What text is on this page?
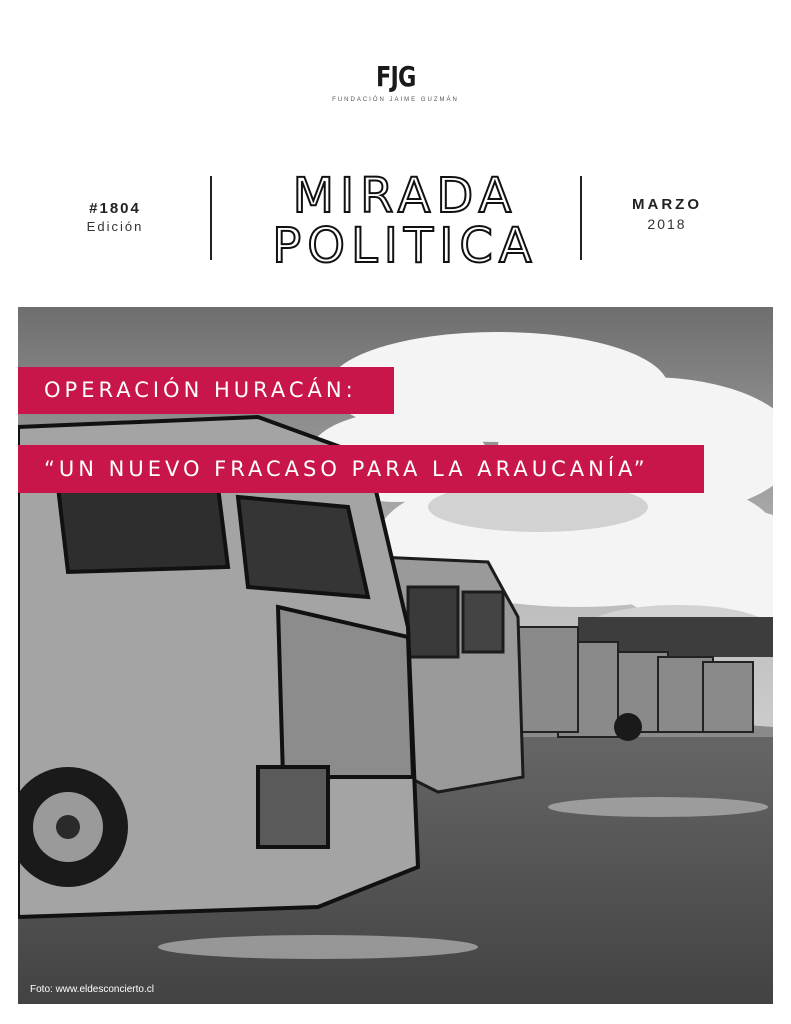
FJG
FUNDACIÓN JAIME GUZMÁN
#1804
Edición
MIRADA
POLITICA
MARZO
2018
OPERACIÓN HURACÁN:
“UN NUEVO FRACASO PARA LA ARAUCANÍA”
Foto: www.eldesconcierto.cl
